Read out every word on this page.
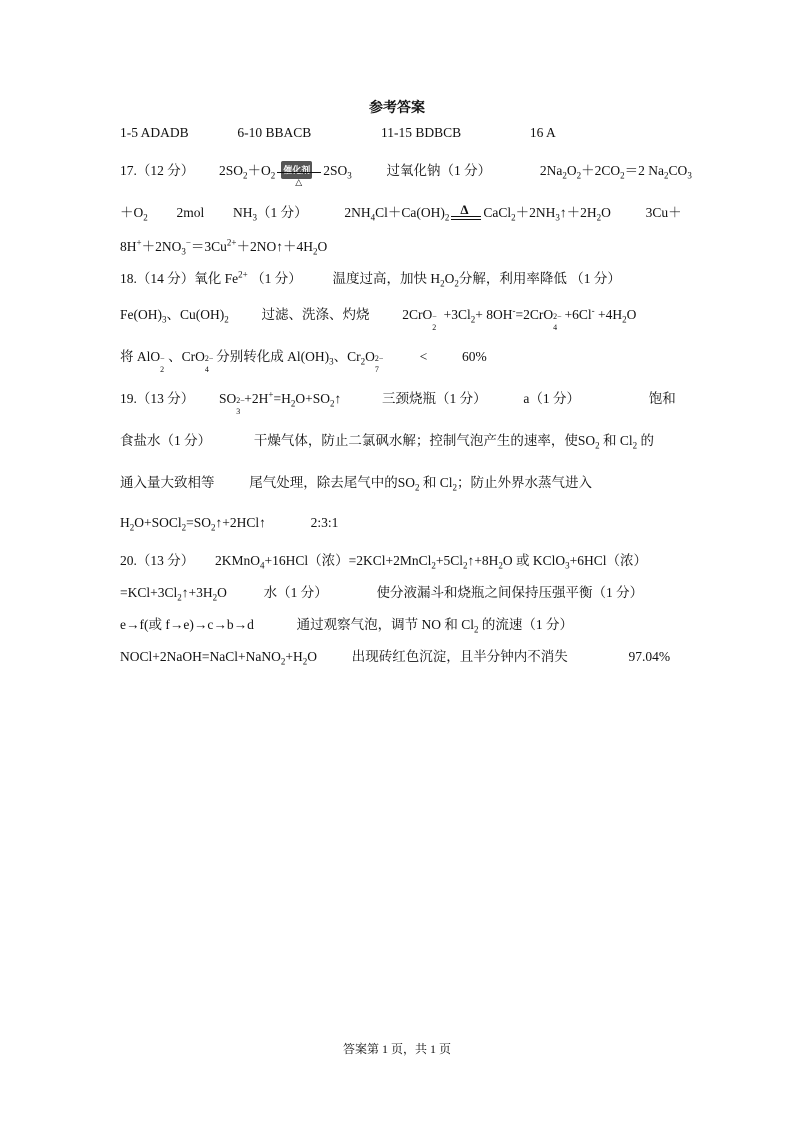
参考答案
1-5 ADADB	6-10 BBACB	11-15 BDBCB	16 A
17.（12 分） $2SO_2+O_2$
催化剂
△
$2SO_3$	过氧化钠（1 分）	$2Na_2O_2+2CO_2=2$ $Na_2CO_3$
$+O_2$ 2mol $NH_3(1$ 分）	$2NH_4Cl+Ca(OH)_2$
Δ $CaCl_2+2NH_3↑+2H_2O$	3Cu＋
$8H^++2NO_3^-=3Cu^{2+}+2NO↑+4H_2O$
18.（14 分）氧化 $Fe^{2+}$ （1 分） 温度过高，加快 $H_2O_2$分解，利用率降低 （1 分）
$Fe(OH)_3$、$Cu(OH)_2$ 过滤、洗涤、灼烧 2CrO −
2
$+3Cl_2+ 8OH^-=2CrO$ 2−
4
$+6Cl^- +4H_2O$
将 AlO −
2
、CrO 2−
4
分别转化成 $Al(OH)_3$、$Cr_2O$ 2−
7
<	60%
19.（13 分） SO 2−
3
$+2H^+=H_2O+SO_2↑$	三颈烧瓶（1 分）	a（1 分）	饱和
食盐水（1 分）	干燥气体，防止二氯砜水解；控制气泡产生的速率，使$SO_2$ 和 $Cl_2$ 的
通入量大致相等	尾气处理，除去尾气中的$SO_2$ 和 $Cl_2$；防止外界水蒸气进入
$H_2O+SOCl_2=SO_2↑+2HCl↑$	2:3:1
20.（13 分） 2KMnO$_4$+16HCl（浓）$=2KCl+2MnCl_2+5Cl_2↑+8H_2O$ 或 KClO$_3$+6HCl（浓）
$=KCl+3Cl_2↑+3H_2O$	水（1 分）	使分液漏斗和烧瓶之间保持压强平衡（1 分）
e→f(或 f→e)→c→b→d	通过观察气泡，调节 NO 和 $Cl_2$ 的流速（1 分）
$NOCl+2NaOH=NaCl+NaNO_2+H_2O$	出现砖红色沉淀，且半分钟内不消失	97.04%
答案第 1 页，共 1 页
